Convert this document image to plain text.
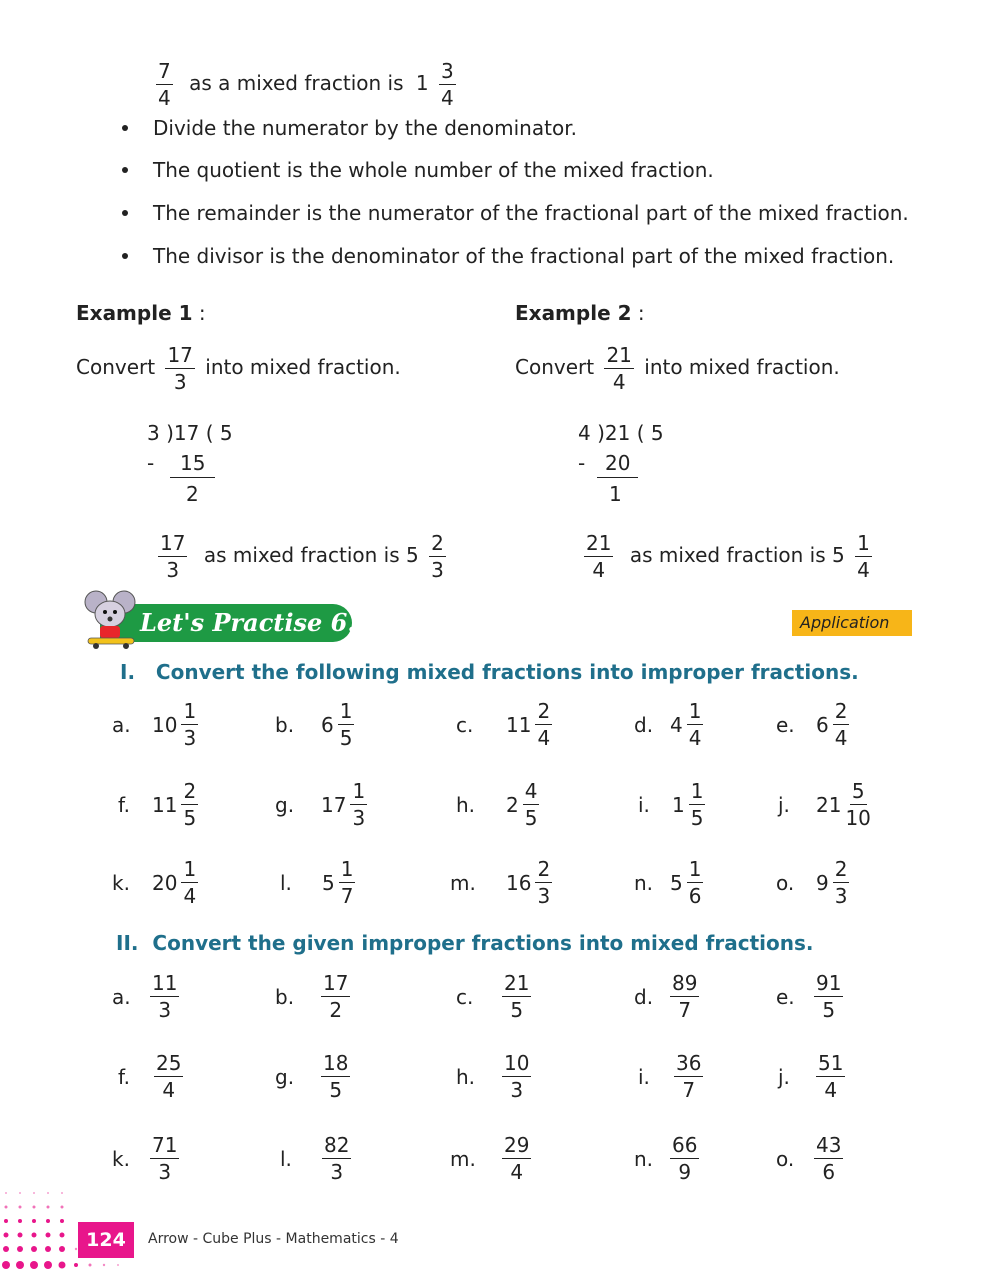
$\frac{7}{4}$ as a mixed fraction is $1 \frac{3}{4}$
Divide the numerator by the denominator.
The quotient is the whole number of the mixed fraction.
The remainder is the numerator of the fractional part of the mixed fraction.
The divisor is the denominator of the fractional part of the mixed fraction.
Example 1 :
Convert $\frac{17}{3}$ into mixed fraction.
3 )17 ( 5
-	15
2
$\frac{17}{3}$ as mixed fraction is $5 \frac{2}{3}$
Example 2 :
Convert $\frac{21}{4}$ into mixed fraction.
4 )21 ( 5
- 20
1
$\frac{21}{4}$ as mixed fraction is $5 \frac{1}{4}$
Let's Practise 6.4	Application
I.   Convert the following mixed fractions into improper fractions.
a.	$10 \frac{1}{3}$	b.	$6 \frac{1}{5}$	c.	$11 \frac{2}{4}$	d. $4 \frac{1}{4}$	e.	$6 \frac{2}{4}$
f.	$11 \frac{2}{5}$	g.	$17 \frac{1}{3}$	h.	$2 \frac{4}{5}$	i.	$1 \frac{1}{5}$	j.	$21 \frac{5}{10}$
k.	$20 \frac{1}{4}$	l.	$5 \frac{1}{7}$	m.	$16 \frac{2}{3}$	n. $5 \frac{1}{6}$	o.	$9 \frac{2}{3}$
II.  Convert the given improper fractions into mixed fractions.
a. $\frac{11}{3}$	b.	$\frac{17}{2}$	c.	$\frac{21}{5}$	d. $\frac{89}{7}$	e. $\frac{91}{5}$
f.	$\frac{25}{4}$	g.	$\frac{18}{5}$	h.	$\frac{10}{3}$	i.	$\frac{36}{7}$	j.	$\frac{51}{4}$
k.	$\frac{71}{3}$	l.	$\frac{82}{3}$	m.	$\frac{29}{4}$	n. $\frac{66}{9}$	o. $\frac{43}{6}$
124	Arrow - Cube Plus - Mathematics - 4
